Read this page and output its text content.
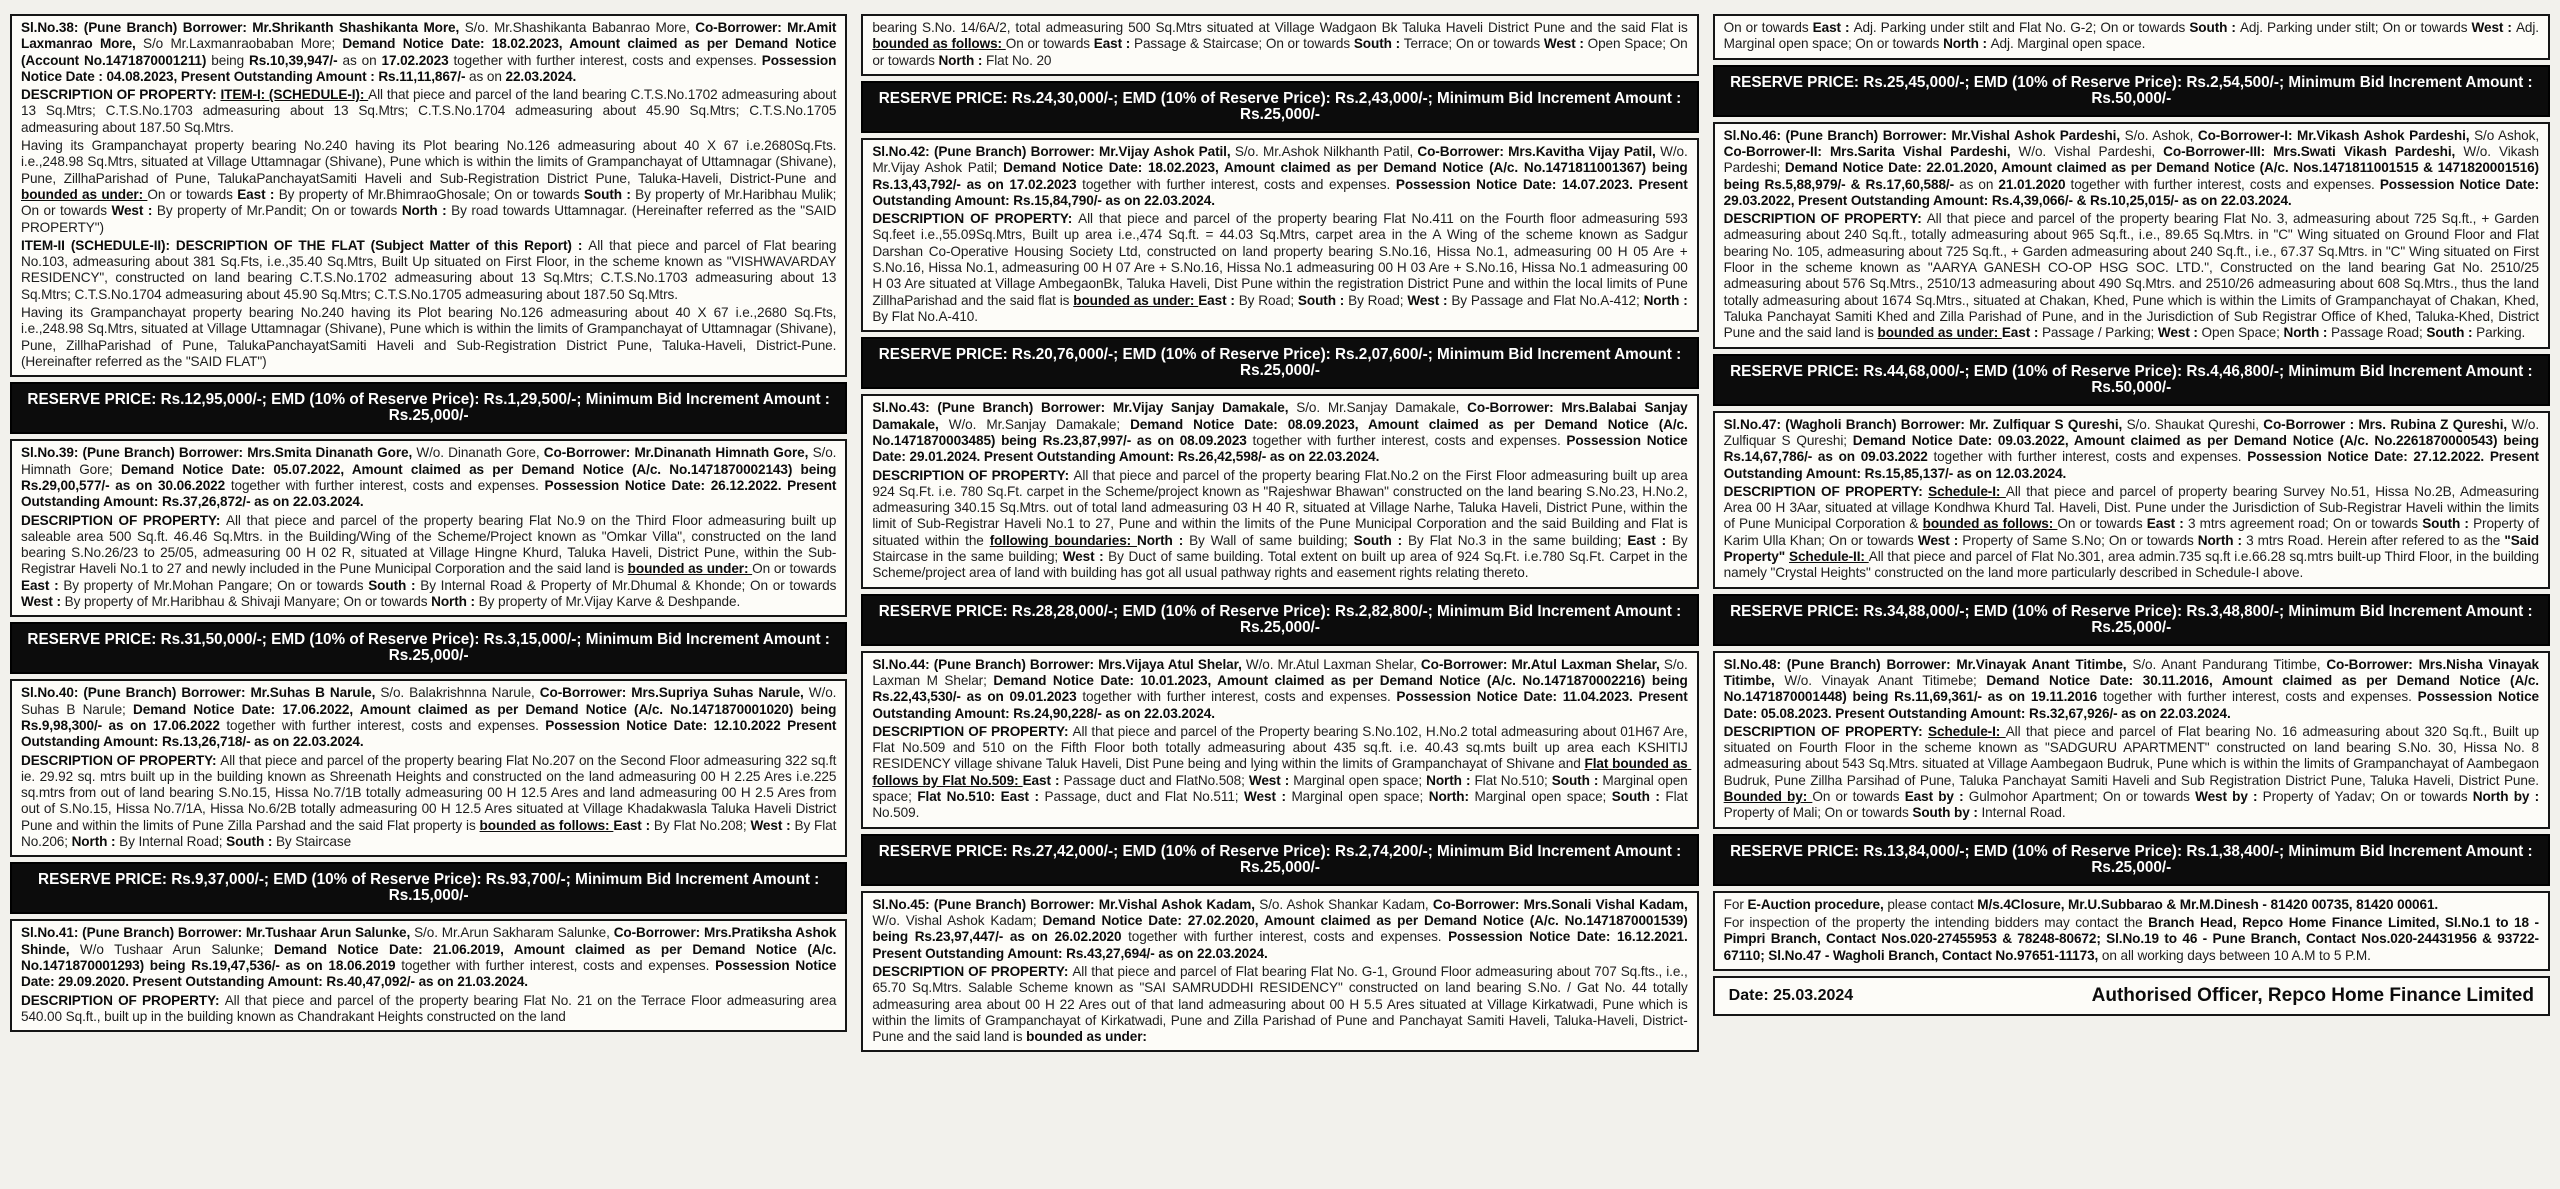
Sl.No.38: (Pune Branch) Borrower: Mr.Shrikanth Shashikanta More, S/o. Mr.Shashikanta Babanrao More, Co-Borrower: Mr.Amit Laxmanrao More, S/o Mr.Laxmanraobaban More; Demand Notice Date: 18.02.2023, Amount claimed as per Demand Notice (Account No.1471870001211) being Rs.10,39,947/- as on 17.02.2023 together with further interest, costs and expenses. Possession Notice Date : 04.08.2023, Present Outstanding Amount : Rs.11,11,867/- as on 22.03.2024.

DESCRIPTION OF PROPERTY: ITEM-I: (SCHEDULE-I): All that piece and parcel of the land bearing C.T.S.No.1702 admeasuring about 13 Sq.Mtrs; C.T.S.No.1703 admeasuring about 13 Sq.Mtrs; C.T.S.No.1704 admeasuring about 45.90 Sq.Mtrs; C.T.S.No.1705 admeasuring about 187.50 Sq.Mtrs.

Having its Grampanchayat property bearing No.240 having its Plot bearing No.126 admeasuring about 40 X 67 i.e.2680Sq.Fts. i.e.,248.98 Sq.Mtrs, situated at Village Uttamnagar (Shivane), Pune which is within the limits of Grampanchayat of Uttamnagar (Shivane), Pune, ZillhaParishad of Pune, TalukaPanchayatSamiti Haveli and Sub-Registration District Pune, Taluka-Haveli, District-Pune and bounded as under: On or towards East : By property of Mr.BhimraoGhosale; On or towards South : By property of Mr.Haribhau Mulik; On or towards West : By property of Mr.Pandit; On or towards North : By road towards Uttamnagar. (Hereinafter referred as the "SAID PROPERTY")

ITEM-II (SCHEDULE-II): DESCRIPTION OF THE FLAT (Subject Matter of this Report) : All that piece and parcel of Flat bearing No.103, admeasuring about 381 Sq.Fts, i.e.,35.40 Sq.Mtrs, Built Up situated on First Floor, in the scheme known as "VISHWAVARDAY RESIDENCY", constructed on land bearing C.T.S.No.1702 admeasuring about 13 Sq.Mtrs; C.T.S.No.1703 admeasuring about 13 Sq.Mtrs; C.T.S.No.1704 admeasuring about 45.90 Sq.Mtrs; C.T.S.No.1705 admeasuring about 187.50 Sq.Mtrs.

Having its Grampanchayat property bearing No.240 having its Plot bearing No.126 admeasuring about 40 X 67 i.e.,2680 Sq.Fts, i.e.,248.98 Sq.Mtrs, situated at Village Uttamnagar (Shivane), Pune which is within the limits of Grampanchayat of Uttamnagar (Shivane), Pune, ZillhaParishad of Pune, TalukaPanchayatSamiti Haveli and Sub-Registration District Pune, Taluka-Haveli, District-Pune. (Hereinafter referred as the "SAID FLAT")

RESERVE PRICE: Rs.12,95,000/-; EMD (10% of Reserve Price): Rs.1,29,500/-; Minimum Bid Increment Amount : Rs.25,000/-

Sl.No.39: (Pune Branch) Borrower: Mrs.Smita Dinanath Gore, W/o. Dinanath Gore, Co-Borrower: Mr.Dinanath Himnath Gore, S/o. Himnath Gore; Demand Notice Date: 05.07.2022, Amount claimed as per Demand Notice (A/c. No.1471870002143) being Rs.29,00,577/- as on 30.06.2022 together with further interest, costs and expenses. Possession Notice Date: 26.12.2022. Present Outstanding Amount: Rs.37,26,872/- as on 22.03.2024.

DESCRIPTION OF PROPERTY: All that piece and parcel of the property bearing Flat No.9 on the Third Floor admeasuring built up saleable area 500 Sq.ft. 46.46 Sq.Mtrs. in the Building/Wing of the Scheme/Project known as "Omkar Villa", constructed on the land bearing S.No.26/23 to 25/05, admeasuring 00 H 02 R, situated at Village Hingne Khurd, Taluka Haveli, District Pune, within the Sub-Registrar Haveli No.1 to 27 and newly included in the Pune Municipal Corporation and the said land is bounded as under: On or towards East : By property of Mr.Mohan Pangare; On or towards South : By Internal Road & Property of Mr.Dhumal & Khonde; On or towards West : By property of Mr.Haribhau & Shivaji Manyare; On or towards North : By property of Mr.Vijay Karve & Deshpande.

RESERVE PRICE: Rs.31,50,000/-; EMD (10% of Reserve Price): Rs.3,15,000/-; Minimum Bid Increment Amount : Rs.25,000/-

Sl.No.40: (Pune Branch) Borrower: Mr.Suhas B Narule, S/o. Balakrishnna Narule, Co-Borrower: Mrs.Supriya Suhas Narule, W/o. Suhas B Narule; Demand Notice Date: 17.06.2022, Amount claimed as per Demand Notice (A/c. No.1471870001020) being Rs.9,98,300/- as on 17.06.2022 together with further interest, costs and expenses. Possession Notice Date: 12.10.2022 Present Outstanding Amount: Rs.13,26,718/- as on 22.03.2024.

DESCRIPTION OF PROPERTY: All that piece and parcel of the property bearing Flat No.207 on the Second Floor admeasuring 322 sq.ft ie. 29.92 sq. mtrs built up in the building known as Shreenath Heights and constructed on the land admeasuring 00 H 2.25 Ares i.e.225 sq.mtrs from out of land bearing S.No.15, Hissa No.7/1B totally admeasuring 00 H 12.5 Ares and land admeasuring 00 H 2.5 Ares from out of S.No.15, Hissa No.7/1A, Hissa No.6/2B totally admeasuring 00 H 12.5 Ares situated at Village Khadakwasla Taluka Haveli District Pune and within the limits of Pune Zilla Parshad and the said Flat property is bounded as follows: East : By Flat No.208; West : By Flat No.206; North : By Internal Road; South : By Staircase

RESERVE PRICE: Rs.9,37,000/-; EMD (10% of Reserve Price): Rs.93,700/-; Minimum Bid Increment Amount : Rs.15,000/-

Sl.No.41: (Pune Branch) Borrower: Mr.Tushaar Arun Salunke, S/o. Mr.Arun Sakharam Salunke, Co-Borrower: Mrs.Pratiksha Ashok Shinde, W/o Tushaar Arun Salunke; Demand Notice Date: 21.06.2019, Amount claimed as per Demand Notice (A/c. No.1471870001293) being Rs.19,47,536/- as on 18.06.2019 together with further interest, costs and expenses. Possession Notice Date: 29.09.2020. Present Outstanding Amount: Rs.40,47,092/- as on 21.03.2024.

DESCRIPTION OF PROPERTY: All that piece and parcel of the property bearing Flat No. 21 on the Terrace Floor admeasuring area 540.00 Sq.ft., built up in the building known as Chandrakant Heights constructed on the land

bearing S.No. 14/6A/2, total admeasuring 500 Sq.Mtrs situated at Village Wadgaon Bk Taluka Haveli District Pune and the said Flat is bounded as follows: On or towards East : Passage & Staircase; On or towards South : Terrace; On or towards West : Open Space; On or towards North : Flat No. 20

RESERVE PRICE: Rs.24,30,000/-; EMD (10% of Reserve Price): Rs.2,43,000/-; Minimum Bid Increment Amount : Rs.25,000/-

Sl.No.42: (Pune Branch) Borrower: Mr.Vijay Ashok Patil, S/o. Mr.Ashok Nilkhanth Patil, Co-Borrower: Mrs.Kavitha Vijay Patil, W/o. Mr.Vijay Ashok Patil; Demand Notice Date: 18.02.2023, Amount claimed as per Demand Notice (A/c. No.1471811001367) being Rs.13,43,792/- as on 17.02.2023 together with further interest, costs and expenses. Possession Notice Date: 14.07.2023. Present Outstanding Amount: Rs.15,84,790/- as on 22.03.2024.

DESCRIPTION OF PROPERTY: All that piece and parcel of the property bearing Flat No.411 on the Fourth floor admeasuring 593 Sq.feet i.e.,55.09Sq.Mtrs, Built up area i.e.,474 Sq.ft. = 44.03 Sq.Mtrs, carpet area in the A Wing of the scheme known as Sadgur Darshan Co-Operative Housing Society Ltd, constructed on land property bearing S.No.16, Hissa No.1, admeasuring 00 H 05 Are + S.No.16, Hissa No.1, admeasuring 00 H 07 Are + S.No.16, Hissa No.1 admeasuring 00 H 03 Are + S.No.16, Hissa No.1 admeasuring 00 H 03 Are situated at Village AmbegaonBk, Taluka Haveli, Dist Pune within the registration District Pune and within the local limits of Pune ZillhaParishad and the said flat is bounded as under: East : By Road; South : By Road; West : By Passage and Flat No.A-412; North : By Flat No.A-410.

RESERVE PRICE: Rs.20,76,000/-; EMD (10% of Reserve Price): Rs.2,07,600/-; Minimum Bid Increment Amount : Rs.25,000/-

Sl.No.43: (Pune Branch) Borrower: Mr.Vijay Sanjay Damakale, S/o. Mr.Sanjay Damakale, Co-Borrower: Mrs.Balabai Sanjay Damakale, W/o. Mr.Sanjay Damakale; Demand Notice Date: 08.09.2023, Amount claimed as per Demand Notice (A/c. No.1471870003485) being Rs.23,87,997/- as on 08.09.2023 together with further interest, costs and expenses. Possession Notice Date: 29.01.2024. Present Outstanding Amount: Rs.26,42,598/- as on 22.03.2024.

DESCRIPTION OF PROPERTY: All that piece and parcel of the property bearing Flat.No.2 on the First Floor admeasuring built up area 924 Sq.Ft. i.e. 780 Sq.Ft. carpet in the Scheme/project known as "Rajeshwar Bhawan" constructed on the land bearing S.No.23, H.No.2, admeasuring 340.15 Sq.Mtrs. out of total land admeasuring 03 H 40 R, situated at Village Narhe, Taluka Haveli, District Pune, within the limit of Sub-Registrar Haveli No.1 to 27, Pune and within the limits of the Pune Municipal Corporation and the said Building and Flat is situated within the following boundaries: North : By Wall of same building; South : By Flat No.3 in the same building; East : By Staircase in the same building; West : By Duct of same building. Total extent on built up area of 924 Sq.Ft. i.e.780 Sq.Ft. Carpet in the Scheme/project area of land with building has got all usual pathway rights and easement rights relating thereto.

RESERVE PRICE: Rs.28,28,000/-; EMD (10% of Reserve Price): Rs.2,82,800/-; Minimum Bid Increment Amount : Rs.25,000/-

Sl.No.44: (Pune Branch) Borrower: Mrs.Vijaya Atul Shelar, W/o. Mr.Atul Laxman Shelar, Co-Borrower: Mr.Atul Laxman Shelar, S/o. Laxman M Shelar; Demand Notice Date: 10.01.2023, Amount claimed as per Demand Notice (A/c. No.1471870002216) being Rs.22,43,530/- as on 09.01.2023 together with further interest, costs and expenses. Possession Notice Date: 11.04.2023. Present Outstanding Amount: Rs.24,90,228/- as on 22.03.2024.

DESCRIPTION OF PROPERTY: All that piece and parcel of the Property bearing S.No.102, H.No.2 total admeasuring about 01H67 Are, Flat No.509 and 510 on the Fifth Floor both totally admeasuring about 435 sq.ft. i.e. 40.43 sq.mts built up area each KSHITIJ RESIDENCY village shivane Taluk Haveli, Dist Pune being and lying within the limits of Grampanchayat of Shivane and Flat bounded as follows by Flat No.509: East : Passage duct and FlatNo.508; West : Marginal open space; North : Flat No.510; South : Marginal open space; Flat No.510: East : Passage, duct and Flat No.511; West : Marginal open space; North: Marginal open space; South : Flat No.509.

RESERVE PRICE: Rs.27,42,000/-; EMD (10% of Reserve Price): Rs.2,74,200/-; Minimum Bid Increment Amount : Rs.25,000/-

Sl.No.45: (Pune Branch) Borrower: Mr.Vishal Ashok Kadam, S/o. Ashok Shankar Kadam, Co-Borrower: Mrs.Sonali Vishal Kadam, W/o. Vishal Ashok Kadam; Demand Notice Date: 27.02.2020, Amount claimed as per Demand Notice (A/c. No.1471870001539) being Rs.23,97,447/- as on 26.02.2020 together with further interest, costs and expenses. Possession Notice Date: 16.12.2021. Present Outstanding Amount: Rs.43,27,694/- as on 22.03.2024.

DESCRIPTION OF PROPERTY: All that piece and parcel of Flat bearing Flat No. G-1, Ground Floor admeasuring about 707 Sq.fts., i.e., 65.70 Sq.Mtrs. Salable Scheme known as "SAI SAMRUDDHI RESIDENCY" constructed on land bearing S.No. / Gat No. 44 totally admeasuring area about 00 H 22 Ares out of that land admeasuring about 00 H 5.5 Ares situated at Village Kirkatwadi, Pune which is within the limits of Grampanchayat of Kirkatwadi, Pune and Zilla Parishad of Pune and Panchayat Samiti Haveli, Taluka-Haveli, District-Pune and the said land is bounded as under:

On or towards East : Adj. Parking under stilt and Flat No. G-2; On or towards South : Adj. Parking under stilt; On or towards West : Adj. Marginal open space; On or towards North : Adj. Marginal open space.

RESERVE PRICE: Rs.25,45,000/-; EMD (10% of Reserve Price): Rs.2,54,500/-; Minimum Bid Increment Amount : Rs.50,000/-

Sl.No.46: (Pune Branch) Borrower: Mr.Vishal Ashok Pardeshi, S/o. Ashok, Co-Borrower-I: Mr.Vikash Ashok Pardeshi, S/o Ashok, Co-Borrower-II: Mrs.Sarita Vishal Pardeshi, W/o. Vishal Pardeshi, Co-Borrower-III: Mrs.Swati Vikash Pardeshi, W/o. Vikash Pardeshi; Demand Notice Date: 22.01.2020, Amount claimed as per Demand Notice (A/c. Nos.1471811001515 & 1471820001516) being Rs.5,88,979/- & Rs.17,60,588/- as on 21.01.2020 together with further interest, costs and expenses. Possession Notice Date: 29.03.2022, Present Outstanding Amount: Rs.4,39,066/- & Rs.10,25,015/- as on 22.03.2024.

DESCRIPTION OF PROPERTY: All that piece and parcel of the property bearing Flat No. 3, admeasuring about 725 Sq.ft., + Garden admeasuring about 240 Sq.ft., totally admeasuring about 965 Sq.ft., i.e., 89.65 Sq.Mtrs. in "C" Wing situated on Ground Floor and Flat bearing No. 105, admeasuring about 725 Sq.ft., + Garden admeasuring about 240 Sq.ft., i.e., 67.37 Sq.Mtrs. in "C" Wing situated on First Floor in the scheme known as "AARYA GANESH CO-OP HSG SOC. LTD.", Constructed on the land bearing Gat No. 2510/25 admeasuring about 576 Sq.Mtrs., 2510/13 admeasuring about 490 Sq.Mtrs. and 2510/26 admeasuring about 608 Sq.Mtrs., thus the land totally admeasuring about 1674 Sq.Mtrs., situated at Chakan, Khed, Pune which is within the Limits of Grampanchayat of Chakan, Khed, Taluka Panchayat Samiti Khed and Zilla Parishad of Pune, and in the Jurisdiction of Sub Registrar Office of Khed, Taluka-Khed, District Pune and the said land is bounded as under: East : Passage / Parking; West : Open Space; North : Passage Road; South : Parking.

RESERVE PRICE: Rs.44,68,000/-; EMD (10% of Reserve Price): Rs.4,46,800/-; Minimum Bid Increment Amount : Rs.50,000/-

Sl.No.47: (Wagholi Branch) Borrower: Mr. Zulfiquar S Qureshi, S/o. Shaukat Qureshi, Co-Borrower : Mrs. Rubina Z Qureshi, W/o. Zulfiquar S Qureshi; Demand Notice Date: 09.03.2022, Amount claimed as per Demand Notice (A/c. No.2261870000543) being Rs.14,67,786/- as on 09.03.2022 together with further interest, costs and expenses. Possession Notice Date: 27.12.2022. Present Outstanding Amount: Rs.15,85,137/- as on 12.03.2024.

DESCRIPTION OF PROPERTY: Schedule-I: All that piece and parcel of property bearing Survey No.51, Hissa No.2B, Admeasuring Area 00 H 3Aar, situated at village Kondhwa Khurd Tal. Haveli, Dist. Pune under the Jurisdiction of Sub-Registrar Haveli within the limits of Pune Municipal Corporation & bounded as follows: On or towards East : 3 mtrs agreement road; On or towards South : Property of Karim Ulla Khan; On or towards West : Property of Same S.No; On or towards North : 3 mtrs Road. Herein after refered to as the "Said Property" Schedule-II: All that piece and parcel of Flat No.301, area admin.735 sq.ft i.e.66.28 sq.mtrs built-up Third Floor, in the building namely "Crystal Heights" constructed on the land more particularly described in Schedule-I above.

RESERVE PRICE: Rs.34,88,000/-; EMD (10% of Reserve Price): Rs.3,48,800/-; Minimum Bid Increment Amount : Rs.25,000/-

Sl.No.48: (Pune Branch) Borrower: Mr.Vinayak Anant Titimbe, S/o. Anant Pandurang Titimbe, Co-Borrower: Mrs.Nisha Vinayak Titimbe, W/o. Vinayak Anant Titimebe; Demand Notice Date: 30.11.2016, Amount claimed as per Demand Notice (A/c. No.1471870001448) being Rs.11,69,361/- as on 19.11.2016 together with further interest, costs and expenses. Possession Notice Date: 05.08.2023. Present Outstanding Amount: Rs.32,67,926/- as on 22.03.2024.

DESCRIPTION OF PROPERTY: Schedule-I: All that piece and parcel of Flat bearing No. 16 admeasuring about 320 Sq.ft., Built up situated on Fourth Floor in the scheme known as "SADGURU APARTMENT" constructed on land bearing S.No. 30, Hissa No. 8 admeasuring about 543 Sq.Mtrs. situated at Village Aambegaon Budruk, Pune which is within the limits of Grampanchayat of Aambegaon Budruk, Pune Zillha Parsihad of Pune, Taluka Panchayat Samiti Haveli and Sub Registration District Pune, Taluka Haveli, District Pune. Bounded by: On or towards East by : Gulmohor Apartment; On or towards West by : Property of Yadav; On or towards North by : Property of Mali; On or towards South by : Internal Road.

RESERVE PRICE: Rs.13,84,000/-; EMD (10% of Reserve Price): Rs.1,38,400/-; Minimum Bid Increment Amount : Rs.25,000/-

For E-Auction procedure, please contact M/s.4Closure, Mr.U.Subbarao & Mr.M.Dinesh - 81420 00735, 81420 00061.

For inspection of the property the intending bidders may contact the Branch Head, Repco Home Finance Limited, Sl.No.1 to 18 - Pimpri Branch, Contact Nos.020-27455953 & 78248-80672; Sl.No.19 to 46 - Pune Branch, Contact Nos.020-24431956 & 93722-67110; Sl.No.47 - Wagholi Branch, Contact No.97651-11173, on all working days between 10 A.M to 5 P.M.

Date: 25.03.2024	Authorised Officer, Repco Home Finance Limited
